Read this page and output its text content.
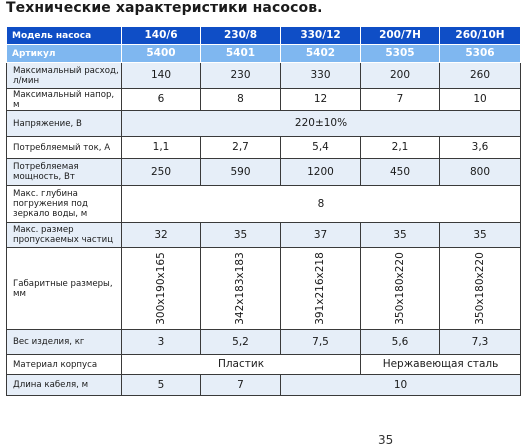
Технические характеристики насосов.
Модель насоса	140/6	230/8	330/12	200/7H	260/10H
Артикул	5400	5401	5402	5305	5306
Максимальный расход, л/мин	140	230	330	200	260
Максимальный напор, м	6	8	12	7	10
Напряжение, В	220±10%				
Потребляемый ток, А	1,1	2,7	5,4	2,1	3,6
Потребляемая мощность, Вт	250	590	1200	450	800
Макс. глубина погружения под зеркало воды, м	8				
Макс. размер пропускаемых частиц	32	35	37	35	35
Габаритные размеры, мм	300x190x165	342x183x183	391x216x218	350x180x220	350x180x220
Вес изделия, кг	3	5,2	7,5	5,6	7,3
Материал корпуса	Пластик			Нержавеющая сталь	
Длина кабеля, м	5	7	10		
35
